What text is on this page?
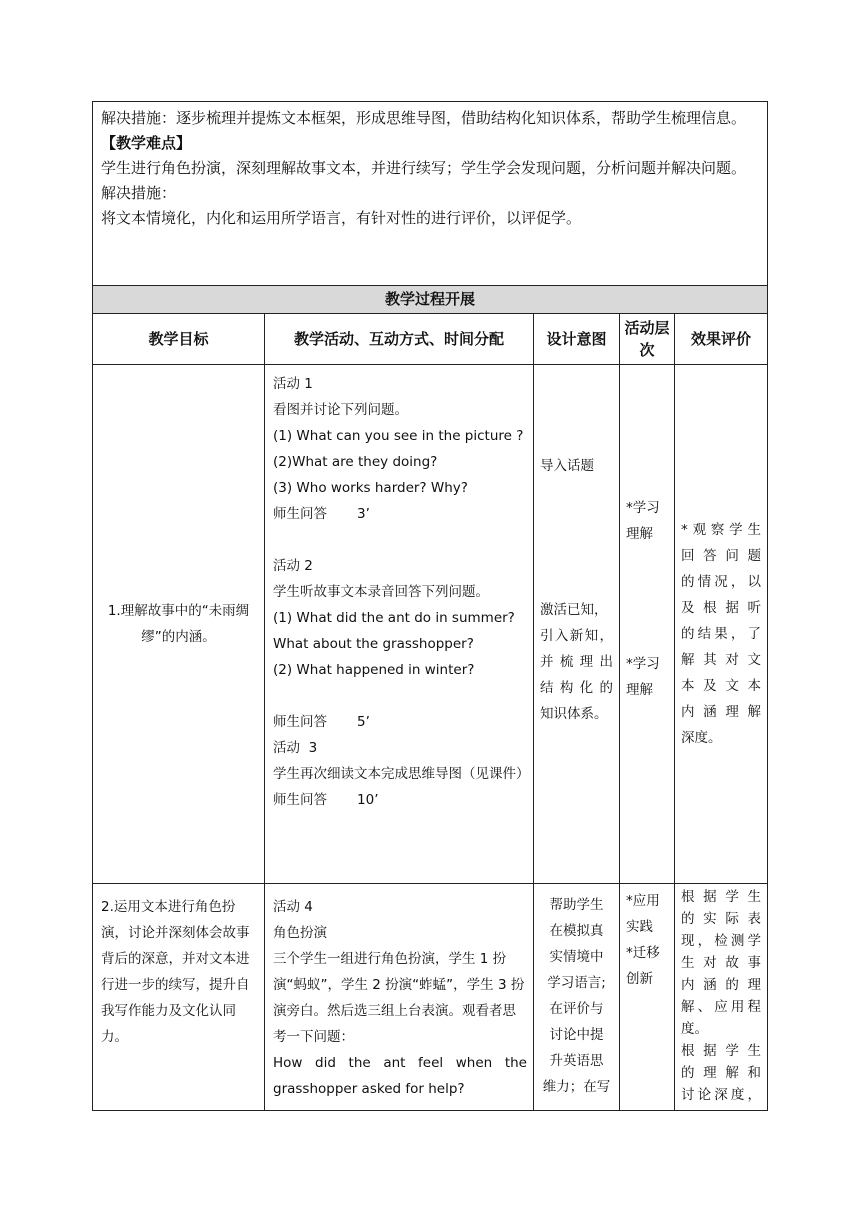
解决措施：逐步梳理并提炼文本框架，形成思维导图，借助结构化知识体系，帮助学生梳理信息。

【教学难点】

学生进行角色扮演，深刻理解故事文本，并进行续写；学生学会发现问题，分析问题并解决问题。

解决措施：

将文本情境化，内化和运用所学语言，有针对性的进行评价，以评促学。

教学过程开展
教学目标	教学活动、互动方式、时间分配	设计意图
活动层次
效果评价
1.理解故事中的“未雨绸缪”的内涵。

活动 1

看图并讨论下列问题。

(1) What can you see in the picture ?

(2)What are they doing?

(3) Who works harder? Why?

师生问答       3’

活动 2

学生听故事文本录音回答下列问题。

(1) What did the ant do in summer? What about the grasshopper?

(2) What happened in winter?

师生问答       5’

活动  3

学生再次细读文本完成思维导图（见课件）

师生问答       10’

导入话题

激活已知，

引入新知，

并梳理出

结构化的

知识体系。

*学习

理解

*学习

理解

*观察学生

回答问题

的情况，以

及根据听

的结果，了

解其对文

本及文本

内涵理解

深度。

2.运用文本进行角色扮演，讨论并深刻体会故事背后的深意，并对文本进行进一步的续写，提升自我写作能力及文化认同力。

活动 4

角色扮演

三个学生一组进行角色扮演，学生 1 扮演“蚂蚁”，学生 2 扮演“蚱蜢”，学生 3 扮演旁白。然后选三组上台表演。观看者思考一下问题：

How did the ant feel when the

grasshopper asked for help?

帮助学生

在模拟真

实情境中

学习语言;

在评价与

讨论中提

升英语思

维力；在写

*应用

实践

*迁移

创新

根据学生

的实际表

现，检测学

生对故事

内涵的理

解、应用程

度。

根据学生

的理解和

讨论深度，
